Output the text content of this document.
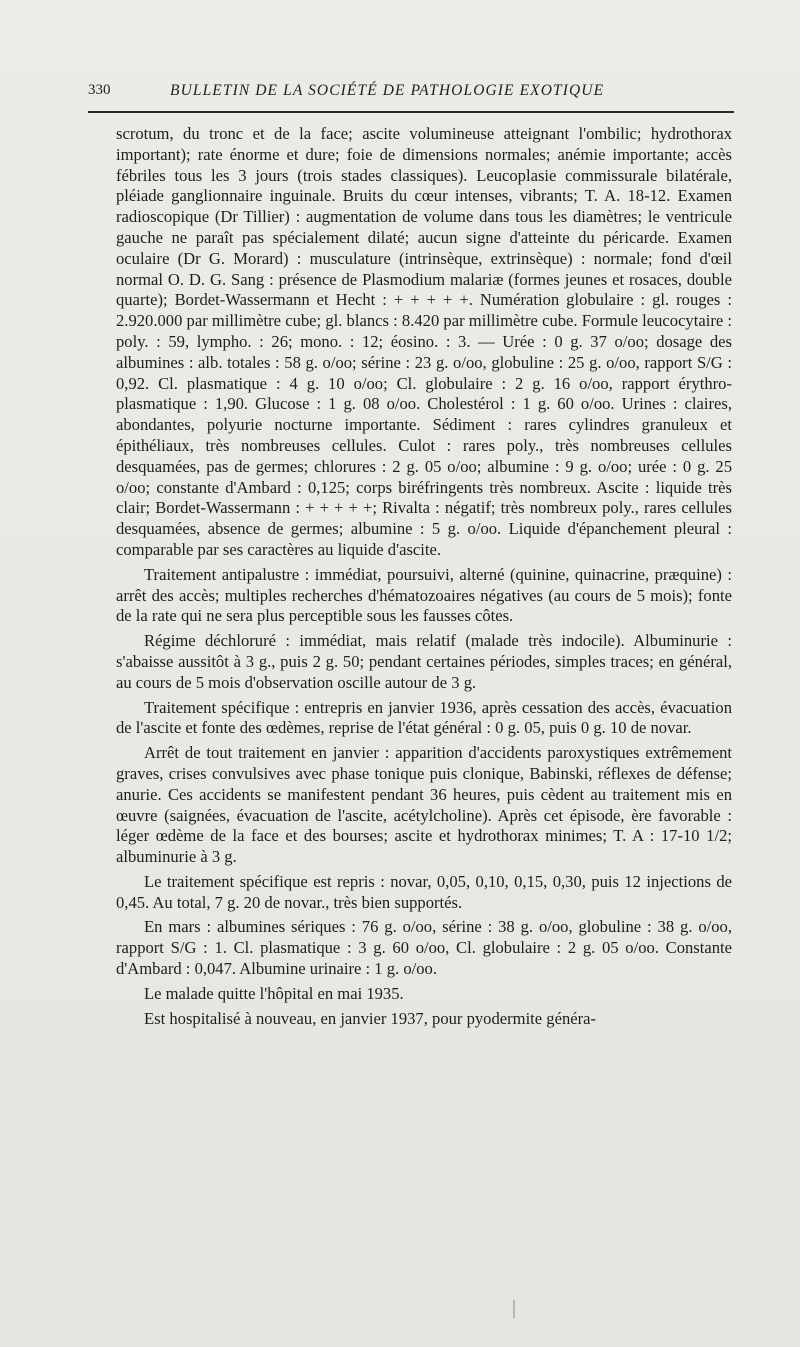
330	BULLETIN DE LA SOCIÉTÉ DE PATHOLOGIE EXOTIQUE

scrotum, du tronc et de la face; ascite volumineuse atteignant l'ombilic; hydrothorax important); rate énorme et dure; foie de dimensions normales; anémie importante; accès fébriles tous les 3 jours (trois stades classiques). Leucoplasie commissurale bilatérale, pléiade ganglionnaire inguinale. Bruits du cœur intenses, vibrants; T. A. 18-12. Examen radioscopique (Dr Tillier) : augmentation de volume dans tous les diamètres; le ventricule gauche ne paraît pas spécialement dilaté; aucun signe d'atteinte du péricarde. Examen oculaire (Dr G. Morard) : musculature (intrinsèque, extrinsèque) : normale; fond d'œil normal O. D. G. Sang : présence de Plasmodium malariæ (formes jeunes et rosaces, double quarte); Bordet-Wassermann et Hecht : + + + + +. Numération globulaire : gl. rouges : 2.920.000 par millimètre cube; gl. blancs : 8.420 par millimètre cube. Formule leucocytaire : poly. : 59, lympho. : 26; mono. : 12; éosino. : 3. — Urée : 0 g. 37 o/oo; dosage des albumines : alb. totales : 58 g. o/oo; sérine : 23 g. o/oo, globuline : 25 g. o/oo, rapport S/G : 0,92. Cl. plasmatique : 4 g. 10 o/oo; Cl. globulaire : 2 g. 16 o/oo, rapport érythro-plasmatique : 1,90. Glucose : 1 g. 08 o/oo. Cholestérol : 1 g. 60 o/oo. Urines : claires, abondantes, polyurie nocturne importante. Sédiment : rares cylindres granuleux et épithéliaux, très nombreuses cellules. Culot : rares poly., très nombreuses cellules desquamées, pas de germes; chlorures : 2 g. 05 o/oo; albumine : 9 g. o/oo; urée : 0 g. 25 o/oo; constante d'Ambard : 0,125; corps biréfringents très nombreux. Ascite : liquide très clair; Bordet-Wassermann : + + + + +; Rivalta : négatif; très nombreux poly., rares cellules desquamées, absence de germes; albumine : 5 g. o/oo. Liquide d'épanchement pleural : comparable par ses caractères au liquide d'ascite.

Traitement antipalustre : immédiat, poursuivi, alterné (quinine, quinacrine, præquine) : arrêt des accès; multiples recherches d'hématozoaires négatives (au cours de 5 mois); fonte de la rate qui ne sera plus perceptible sous les fausses côtes.

Régime déchloruré : immédiat, mais relatif (malade très indocile). Albuminurie : s'abaisse aussitôt à 3 g., puis 2 g. 50; pendant certaines périodes, simples traces; en général, au cours de 5 mois d'observation oscille autour de 3 g.

Traitement spécifique : entrepris en janvier 1936, après cessation des accès, évacuation de l'ascite et fonte des œdèmes, reprise de l'état général : 0 g. 05, puis 0 g. 10 de novar.

Arrêt de tout traitement en janvier : apparition d'accidents paroxystiques extrêmement graves, crises convulsives avec phase tonique puis clonique, Babinski, réflexes de défense; anurie. Ces accidents se manifestent pendant 36 heures, puis cèdent au traitement mis en œuvre (saignées, évacuation de l'ascite, acétylcholine). Après cet épisode, ère favorable : léger œdème de la face et des bourses; ascite et hydrothorax minimes; T. A : 17-10 1/2; albuminurie à 3 g.

Le traitement spécifique est repris : novar, 0,05, 0,10, 0,15, 0,30, puis 12 injections de 0,45. Au total, 7 g. 20 de novar., très bien supportés.

En mars : albumines sériques : 76 g. o/oo, sérine : 38 g. o/oo, globuline : 38 g. o/oo, rapport S/G : 1. Cl. plasmatique : 3 g. 60 o/oo, Cl. globulaire : 2 g. 05 o/oo. Constante d'Ambard : 0,047. Albumine urinaire : 1 g. o/oo.

Le malade quitte l'hôpital en mai 1935.

Est hospitalisé à nouveau, en janvier 1937, pour pyodermite généra-
